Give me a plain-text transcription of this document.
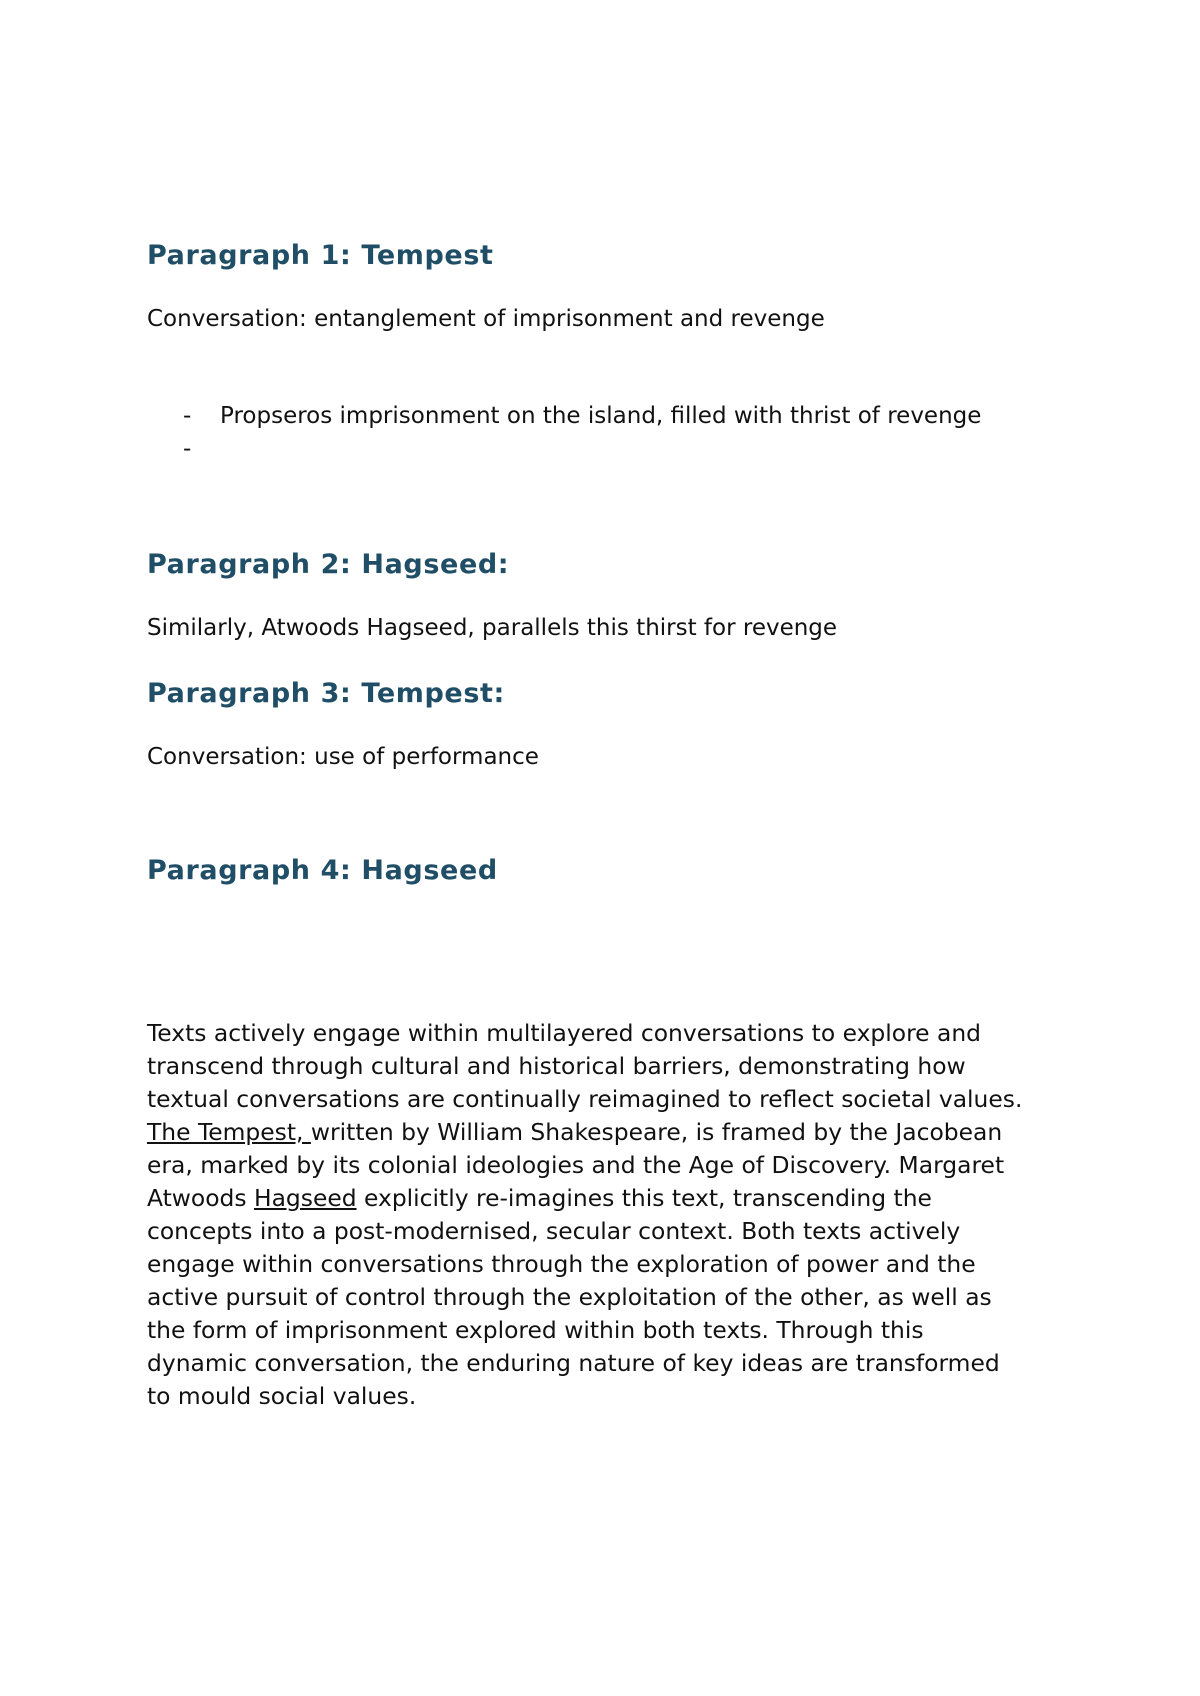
Paragraph 1: Tempest

Conversation: entanglement of imprisonment and revenge

- Propseros imprisonment on the island, filled with thrist of revenge
-
Paragraph 2: Hagseed:

Similarly, Atwoods Hagseed, parallels this thirst for revenge

Paragraph 3: Tempest:

Conversation: use of performance

Paragraph 4: Hagseed
Texts actively engage within multilayered conversations to explore and
transcend through cultural and historical barriers, demonstrating how
textual conversations are continually reimagined to reflect societal values.
The Tempest, written by William Shakespeare, is framed by the Jacobean
era, marked by its colonial ideologies and the Age of Discovery. Margaret
Atwoods Hagseed explicitly re-imagines this text, transcending the
concepts into a post-modernised, secular context. Both texts actively
engage within conversations through the exploration of power and the
active pursuit of control through the exploitation of the other, as well as
the form of imprisonment explored within both texts. Through this
dynamic conversation, the enduring nature of key ideas are transformed
to mould social values.
